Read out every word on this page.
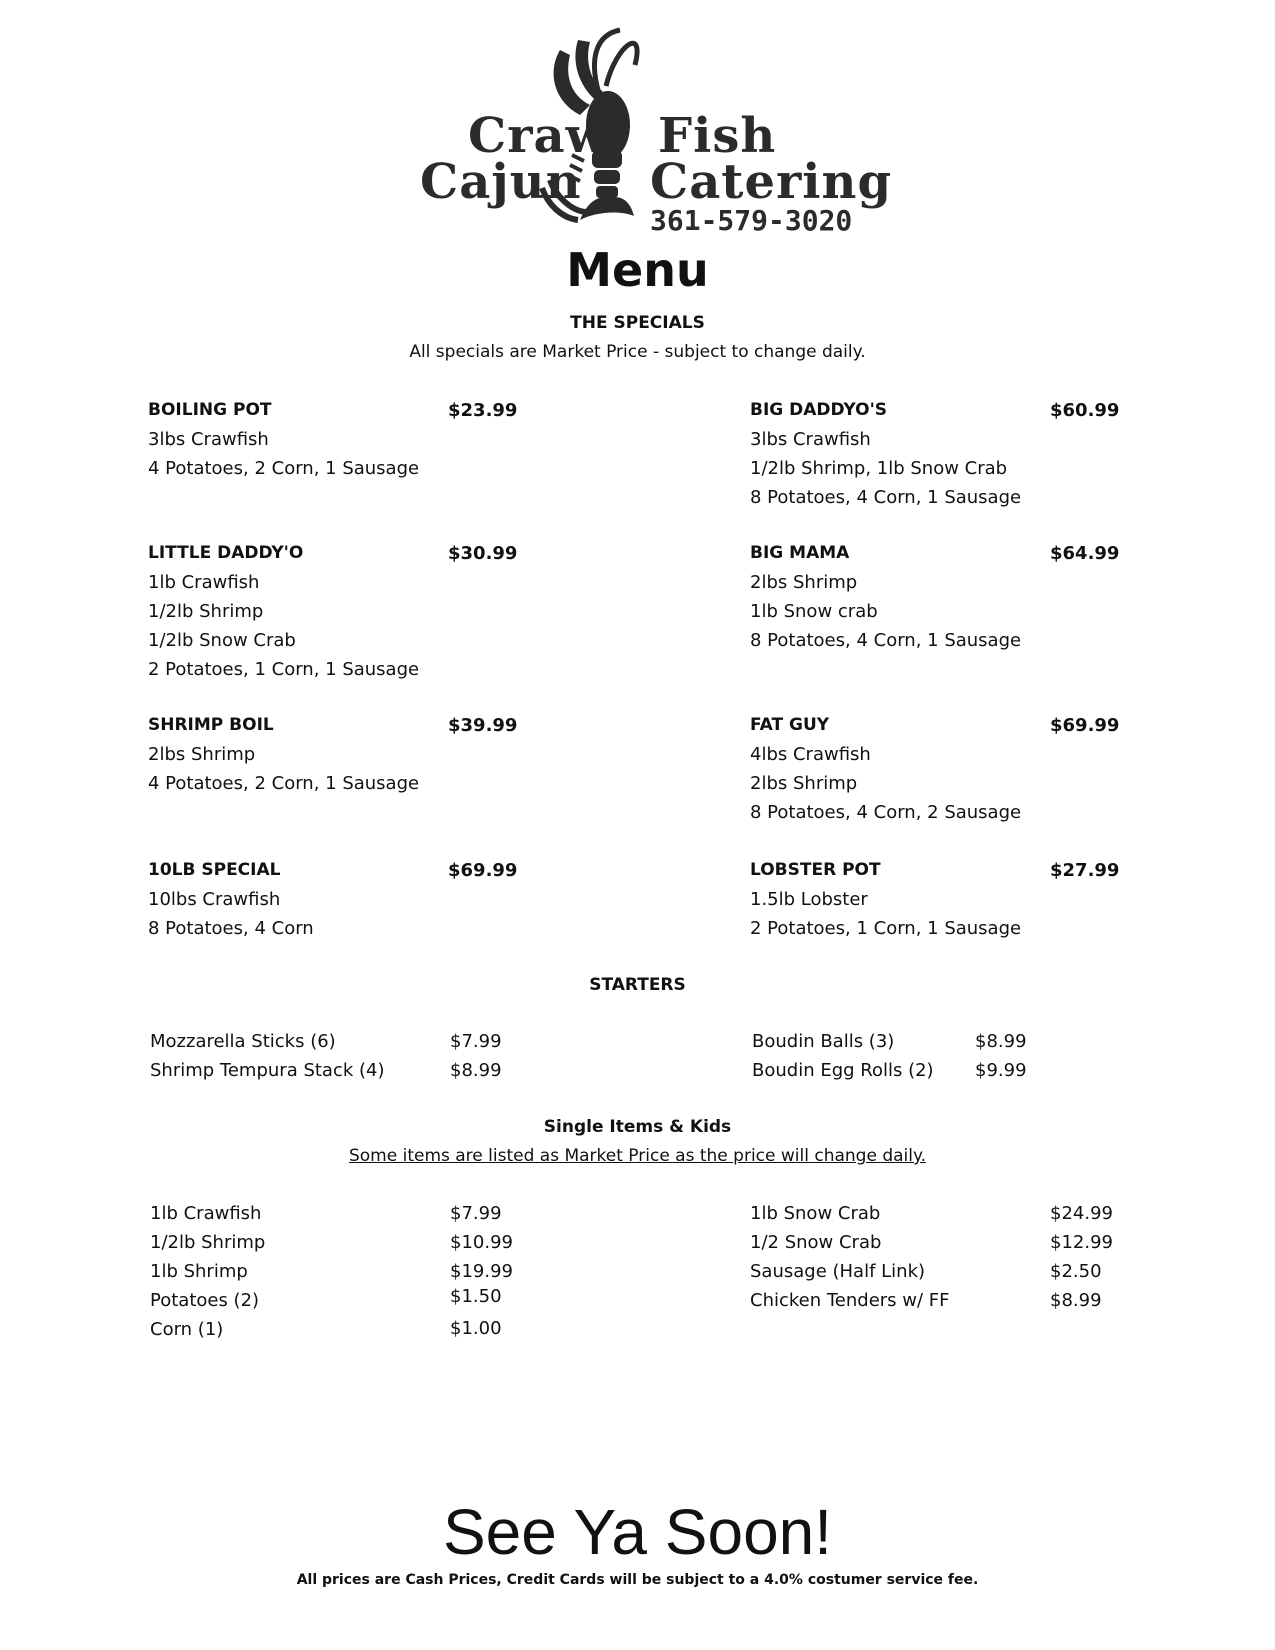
Craw Fish
Cajun Catering
361-579-3020
Menu
THE SPECIALS
All specials are Market Price - subject to change daily.
BOILING POT	$23.99
3lbs Crawfish
4 Potatoes, 2 Corn, 1 Sausage
LITTLE DADDY'O	$30.99
1lb Crawfish
1/2lb Shrimp
1/2lb Snow Crab
2 Potatoes, 1 Corn, 1 Sausage
SHRIMP BOIL	$39.99
2lbs Shrimp
4 Potatoes, 2 Corn, 1 Sausage
10LB SPECIAL	$69.99
10lbs Crawfish
8 Potatoes, 4 Corn
BIG DADDYO'S	$60.99
3lbs Crawfish
1/2lb Shrimp, 1lb Snow Crab
8 Potatoes, 4 Corn, 1 Sausage
BIG MAMA	$64.99
2lbs Shrimp
1lb Snow crab
8 Potatoes, 4 Corn, 1 Sausage
FAT GUY	$69.99
4lbs Crawfish
2lbs Shrimp
8 Potatoes, 4 Corn, 2 Sausage
LOBSTER POT	$27.99
1.5lb Lobster
2 Potatoes, 1 Corn, 1 Sausage
STARTERS
Mozzarella Sticks (6)	$7.99
Shrimp Tempura Stack (4)	$8.99
Boudin Balls (3)	$8.99
Boudin Egg Rolls (2) $9.99
Single Items & Kids
Some items are listed as Market Price as the price will change daily.
1lb Crawfish	$7.99
1/2lb Shrimp	$10.99
1lb Shrimp	$19.99
Potatoes (2)	$1.50
Corn (1)	$1.00
1lb Snow Crab	$24.99
1/2 Snow Crab	$12.99
Sausage (Half Link)	$2.50
Chicken Tenders w/ FF	$8.99
See Ya Soon!
All prices are Cash Prices, Credit Cards will be subject to a 4.0% costumer service fee.
